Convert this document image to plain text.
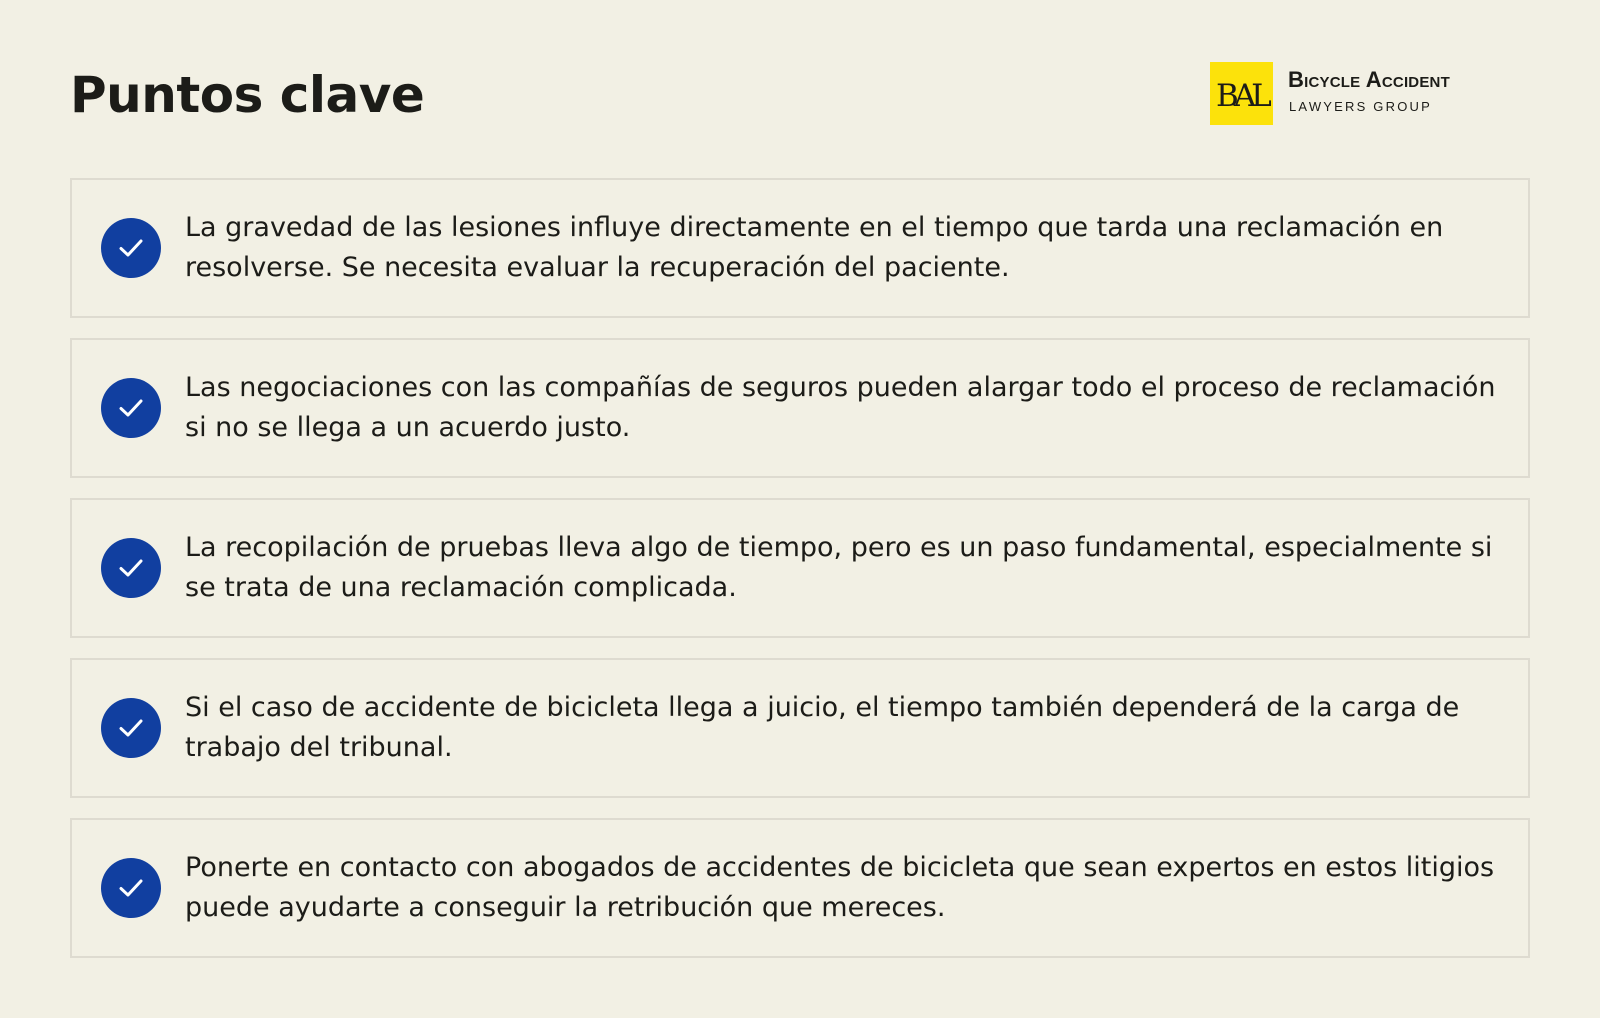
Puntos clave	BAL Bicycle Accident
LAWYERS GROUP
La gravedad de las lesiones influye directamente en el tiempo que tarda una reclamación en resolverse. Se necesita evaluar la recuperación del paciente.
Las negociaciones con las compañías de seguros pueden alargar todo el proceso de reclamación si no se llega a un acuerdo justo.
La recopilación de pruebas lleva algo de tiempo, pero es un paso fundamental, especialmente si se trata de una reclamación complicada.
Si el caso de accidente de bicicleta llega a juicio, el tiempo también dependerá de la carga de trabajo del tribunal.
Ponerte en contacto con abogados de accidentes de bicicleta que sean expertos en estos litigios puede ayudarte a conseguir la retribución que mereces.
